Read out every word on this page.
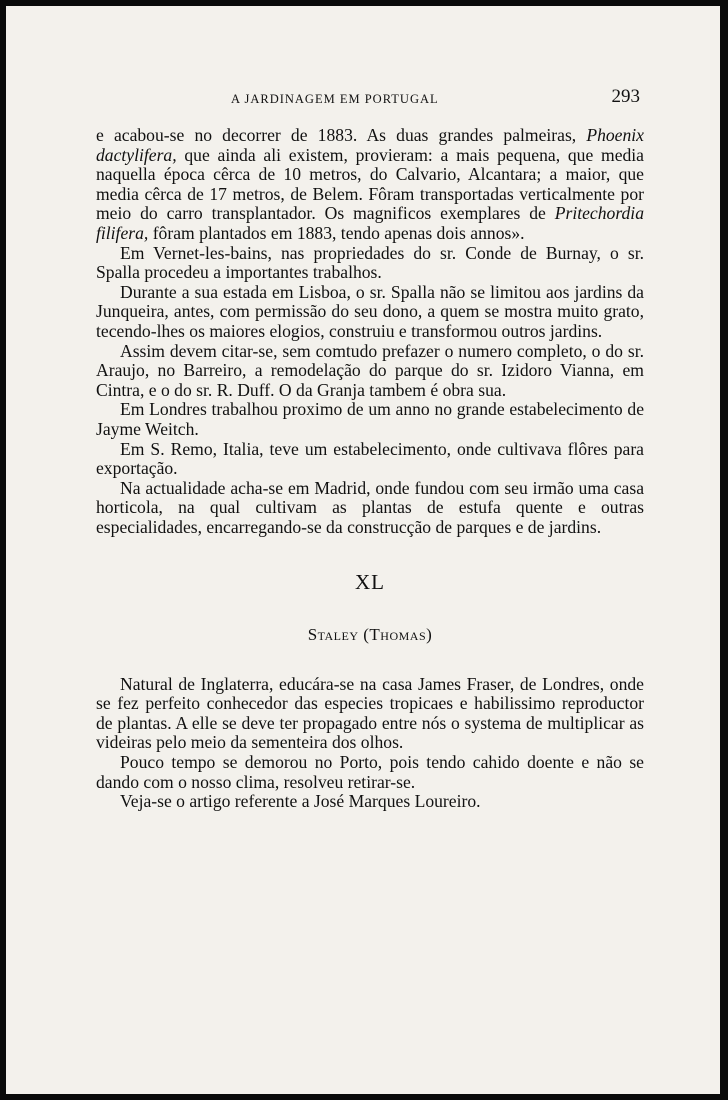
A JARDINAGEM EM PORTUGAL	293

e acabou-se no decorrer de 1883. As duas grandes palmeiras, Phoenix dactylifera, que ainda ali existem, provieram: a mais pequena, que media naquella época cêrca de 10 metros, do Calvario, Alcantara; a maior, que media cêrca de 17 metros, de Belem. Fôram transportadas verticalmente por meio do carro transplantador. Os magnificos exemplares de Pritechordia filifera, fôram plantados em 1883, tendo apenas dois annos».

Em Vernet-les-bains, nas propriedades do sr. Conde de Burnay, o sr. Spalla procedeu a importantes trabalhos.

Durante a sua estada em Lisboa, o sr. Spalla não se limitou aos jardins da Junqueira, antes, com permissão do seu dono, a quem se mostra muito grato, tecendo-lhes os maiores elogios, construiu e transformou outros jardins.

Assim devem citar-se, sem comtudo prefazer o numero completo, o do sr. Araujo, no Barreiro, a remodelação do parque do sr. Izidoro Vianna, em Cintra, e o do sr. R. Duff. O da Granja tambem é obra sua.

Em Londres trabalhou proximo de um anno no grande estabelecimento de Jayme Weitch.

Em S. Remo, Italia, teve um estabelecimento, onde cultivava flôres para exportação.

Na actualidade acha-se em Madrid, onde fundou com seu irmão uma casa horticola, na qual cultivam as plantas de estufa quente e outras especialidades, encarregando-se da construcção de parques e de jardins.

XL
Staley (Thomas)

Natural de Inglaterra, educára-se na casa James Fraser, de Londres, onde se fez perfeito conhecedor das especies tropicaes e habilissimo reproductor de plantas. A elle se deve ter propagado entre nós o systema de multiplicar as videiras pelo meio da sementeira dos olhos.

Pouco tempo se demorou no Porto, pois tendo cahido doente e não se dando com o nosso clima, resolveu retirar-se.

Veja-se o artigo referente a José Marques Loureiro.
